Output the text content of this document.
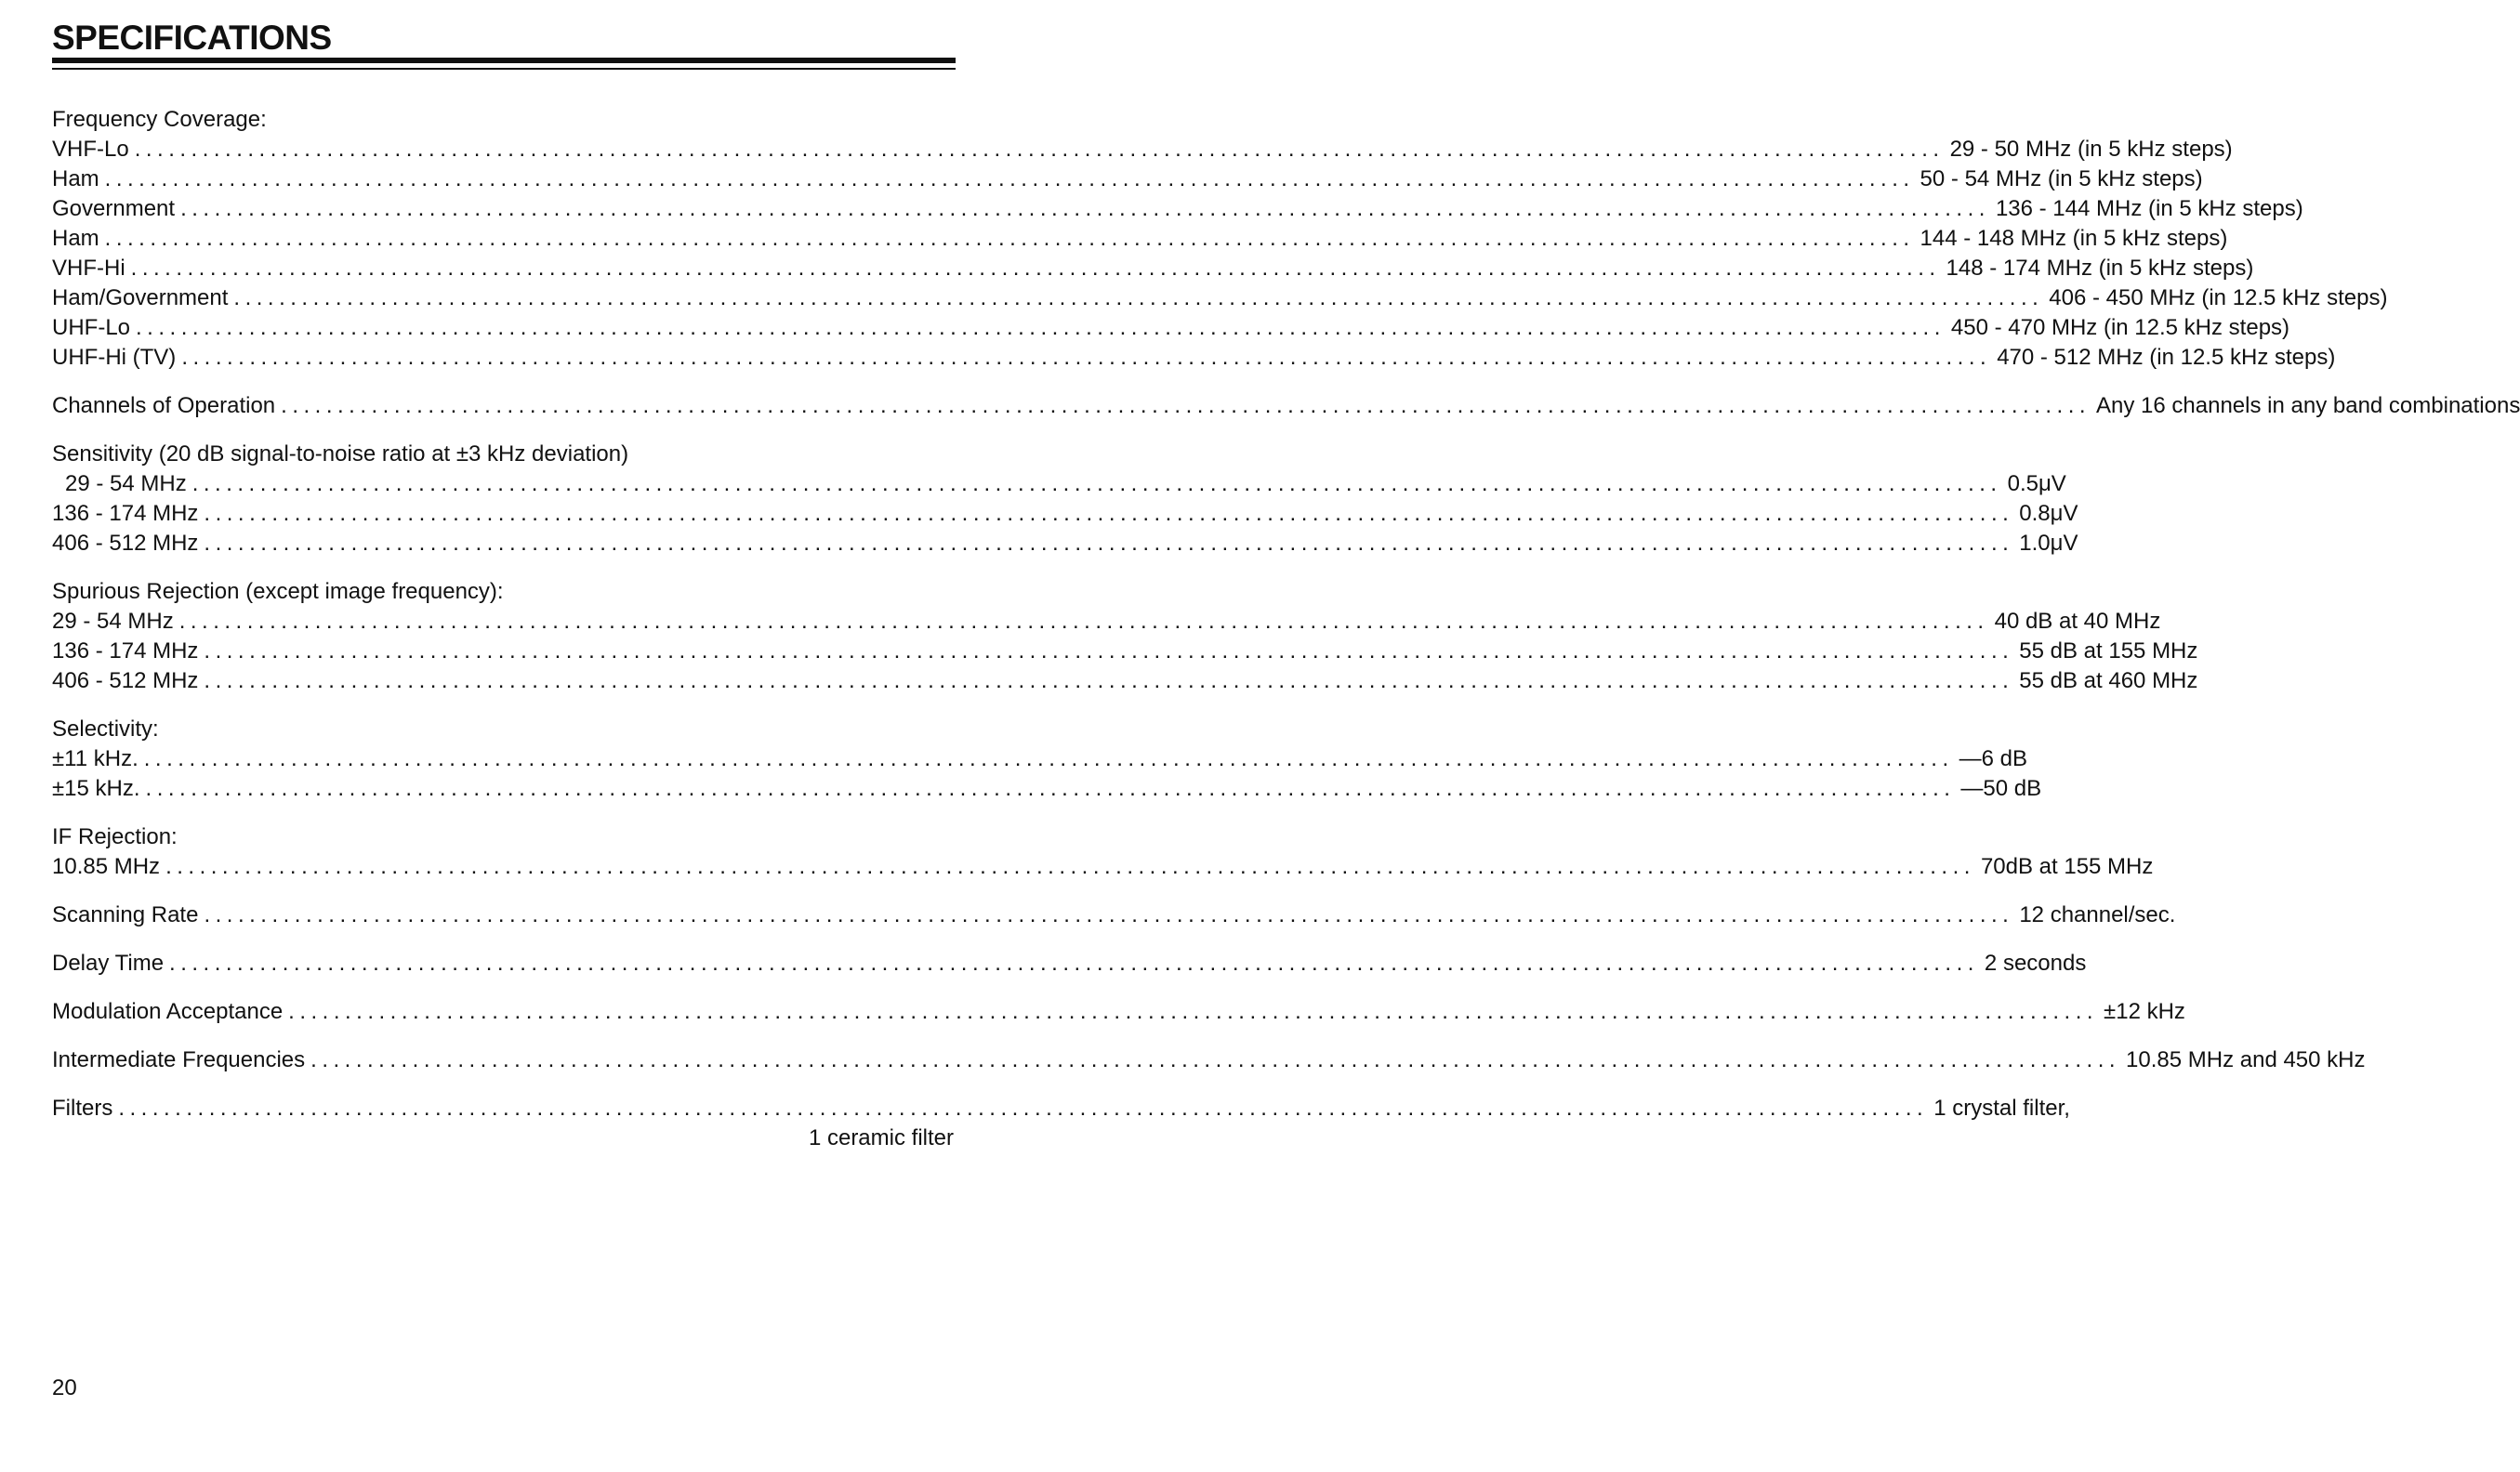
SPECIFICATIONS
Frequency Coverage:
VHF-Lo ................................................................................................................................................................ 29 - 50 MHz (in 5 kHz steps)
Ham ................................................................................................................................................................ 50 - 54 MHz (in 5 kHz steps)
Government ................................................................................................................................................................ 136 - 144 MHz (in 5 kHz steps)
Ham ................................................................................................................................................................ 144 - 148 MHz (in 5 kHz steps)
VHF-Hi ................................................................................................................................................................ 148 - 174 MHz (in 5 kHz steps)
Ham/Government ................................................................................................................................................................ 406 - 450 MHz (in 12.5 kHz steps)
UHF-Lo ................................................................................................................................................................ 450 - 470 MHz (in 12.5 kHz steps)
UHF-Hi (TV) ................................................................................................................................................................ 470 - 512 MHz (in 12.5 kHz steps)
Channels of Operation ................................................................................................................................................................ Any 16 channels in any band combinations
Sensitivity (20 dB signal-to-noise ratio at ±3 kHz deviation)
29 - 54 MHz ................................................................................................................................................................ 0.5μV
136 - 174 MHz ................................................................................................................................................................ 0.8μV
406 - 512 MHz ................................................................................................................................................................ 1.0μV
Spurious Rejection (except image frequency):
29 - 54 MHz ................................................................................................................................................................ 40 dB at 40 MHz
136 - 174 MHz ................................................................................................................................................................ 55 dB at 155 MHz
406 - 512 MHz ................................................................................................................................................................ 55 dB at 460 MHz
Selectivity:
±11 kHz. ................................................................................................................................................................ —6 dB
±15 kHz. ................................................................................................................................................................ —50 dB
IF Rejection:
10.85 MHz ................................................................................................................................................................ 70dB at 155 MHz
Scanning Rate ................................................................................................................................................................ 12 channel/sec.
Delay Time ................................................................................................................................................................ 2 seconds
Modulation Acceptance ................................................................................................................................................................ ±12 kHz
Intermediate Frequencies ................................................................................................................................................................ 10.85 MHz and 450 kHz
Filters ................................................................................................................................................................ 1 crystal filter,
1 ceramic filter
20
